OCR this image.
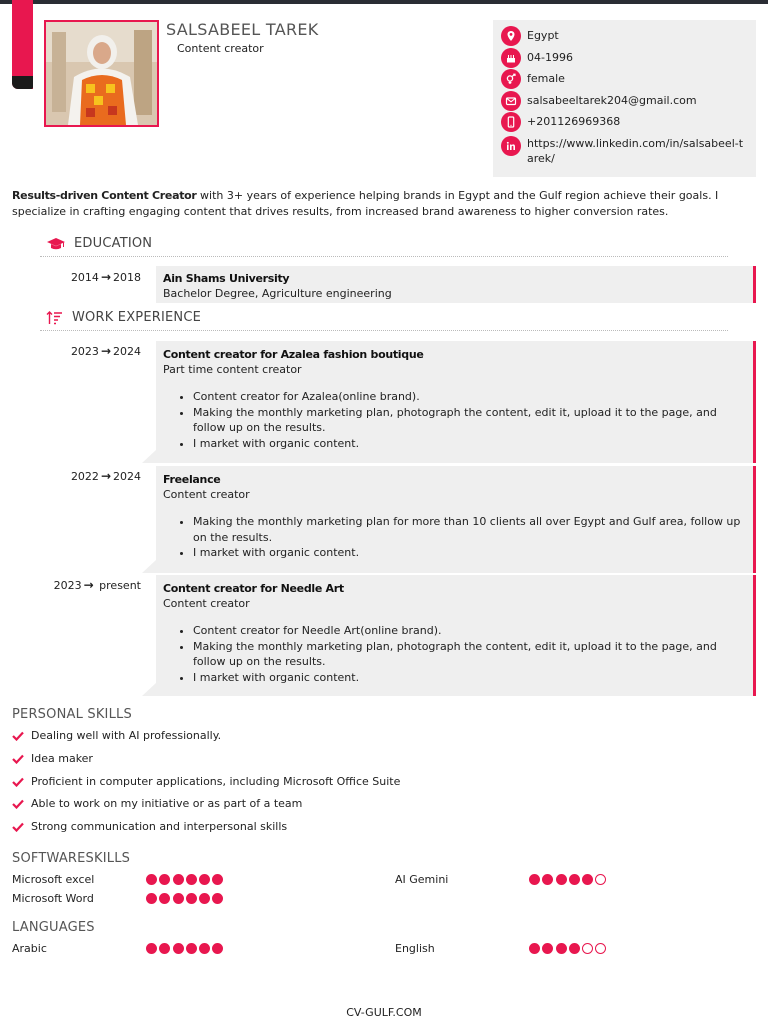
SALSABEEL TAREK
Content creator
Egypt
04-1996
female
salsabeeltarek204@gmail.com
+201126969368
https://www.linkedin.com/in/salsabeel-tarek/
Results-driven Content Creator with 3+ years of experience helping brands in Egypt and the Gulf region achieve their goals. I specialize in crafting engaging content that drives results, from increased brand awareness to higher conversion rates.
EDUCATION
2014 → 2018 Ain Shams University
Bachelor Degree, Agriculture engineering
WORK EXPERIENCE
2023 → 2024 Content creator for Azalea fashion boutique
Part time content creator
• Content creator for Azalea(online brand).
• Making the monthly marketing plan, photograph the content, edit it, upload it to the page, and follow up on the results.
• I market with organic content.
2022 → 2024 Freelance
Content creator
• Making the monthly marketing plan for more than 10 clients all over Egypt and Gulf area, follow up on the results.
• I market with organic content.
2023 → present Content creator for Needle Art
Content creator
• Content creator for Needle Art(online brand).
• Making the monthly marketing plan, photograph the content, edit it, upload it to the page, and follow up on the results.
• I market with organic content.
PERSONAL SKILLS
Dealing well with AI professionally.
Idea maker
Proficient in computer applications, including Microsoft Office Suite
Able to work on my initiative or as part of a team
Strong communication and interpersonal skills
SOFTWARESKILLS
Microsoft excel	AI Gemini
Microsoft Word
LANGUAGES
Arabic	English
CV-GULF.COM
